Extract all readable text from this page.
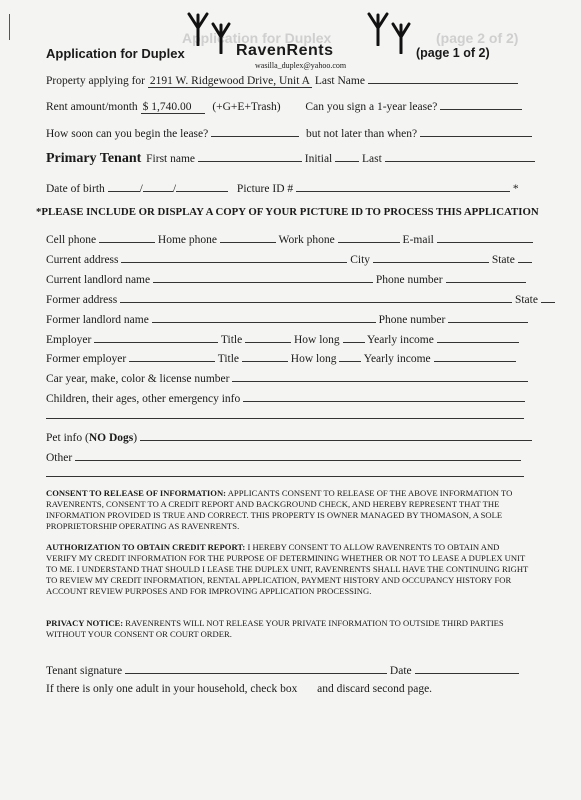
Application for Duplex	(page 2 of 2)
Application for Duplex	RavenRents
wasilla_duplex@yahoo.com
(page 1 of 2)
Property applying for 2191 W. Ridgewood Drive, Unit A Last Name
Rent amount/month $ 1,740.00 (+G+E+Trash) Can you sign a 1-year lease?
How soon can you begin the lease?	but not later than when?
Primary Tenant First name	Initial	Last
Date of birth	/	/	Picture ID #	*
*PLEASE INCLUDE OR DISPLAY A COPY OF YOUR PICTURE ID TO PROCESS THIS APPLICATION
Cell phone	Home phone	Work phone	E-mail
Current address	City	State
Current landlord name	Phone number
Former address	State
Former landlord name	Phone number
Employer	Title	How long Yearly income
Former employer	Title	How long Yearly income
Car year, make, color & license number
Children, their ages, other emergency info
Pet info (NO Dogs)
Other
CONSENT TO RELEASE OF INFORMATION: APPLICANTS CONSENT TO RELEASE OF THE ABOVE INFORMATION TO RAVENRENTS, CONSENT TO A CREDIT REPORT AND BACKGROUND CHECK, AND HEREBY REPRESENT THAT THE INFORMATION PROVIDED IS TRUE AND CORRECT. THIS PROPERTY IS OWNER MANAGED BY THOMASON, A SOLE PROPRIETORSHIP OPERATING AS RAVENRENTS.
AUTHORIZATION TO OBTAIN CREDIT REPORT: I HEREBY CONSENT TO ALLOW RAVENRENTS TO OBTAIN AND VERIFY MY CREDIT INFORMATION FOR THE PURPOSE OF DETERMINING WHETHER OR NOT TO LEASE A DUPLEX UNIT TO ME. I UNDERSTAND THAT SHOULD I LEASE THE DUPLEX UNIT, RAVENRENTS SHALL HAVE THE CONTINUING RIGHT TO REVIEW MY CREDIT INFORMATION, RENTAL APPLICATION, PAYMENT HISTORY AND OCCUPANCY HISTORY FOR ACCOUNT REVIEW PURPOSES AND FOR IMPROVING APPLICATION PROCESSING.
PRIVACY NOTICE: RAVENRENTS WILL NOT RELEASE YOUR PRIVATE INFORMATION TO OUTSIDE THIRD PARTIES WITHOUT YOUR CONSENT OR COURT ORDER.
Tenant signature	Date
If there is only one adult in your household, check box and discard second page.
